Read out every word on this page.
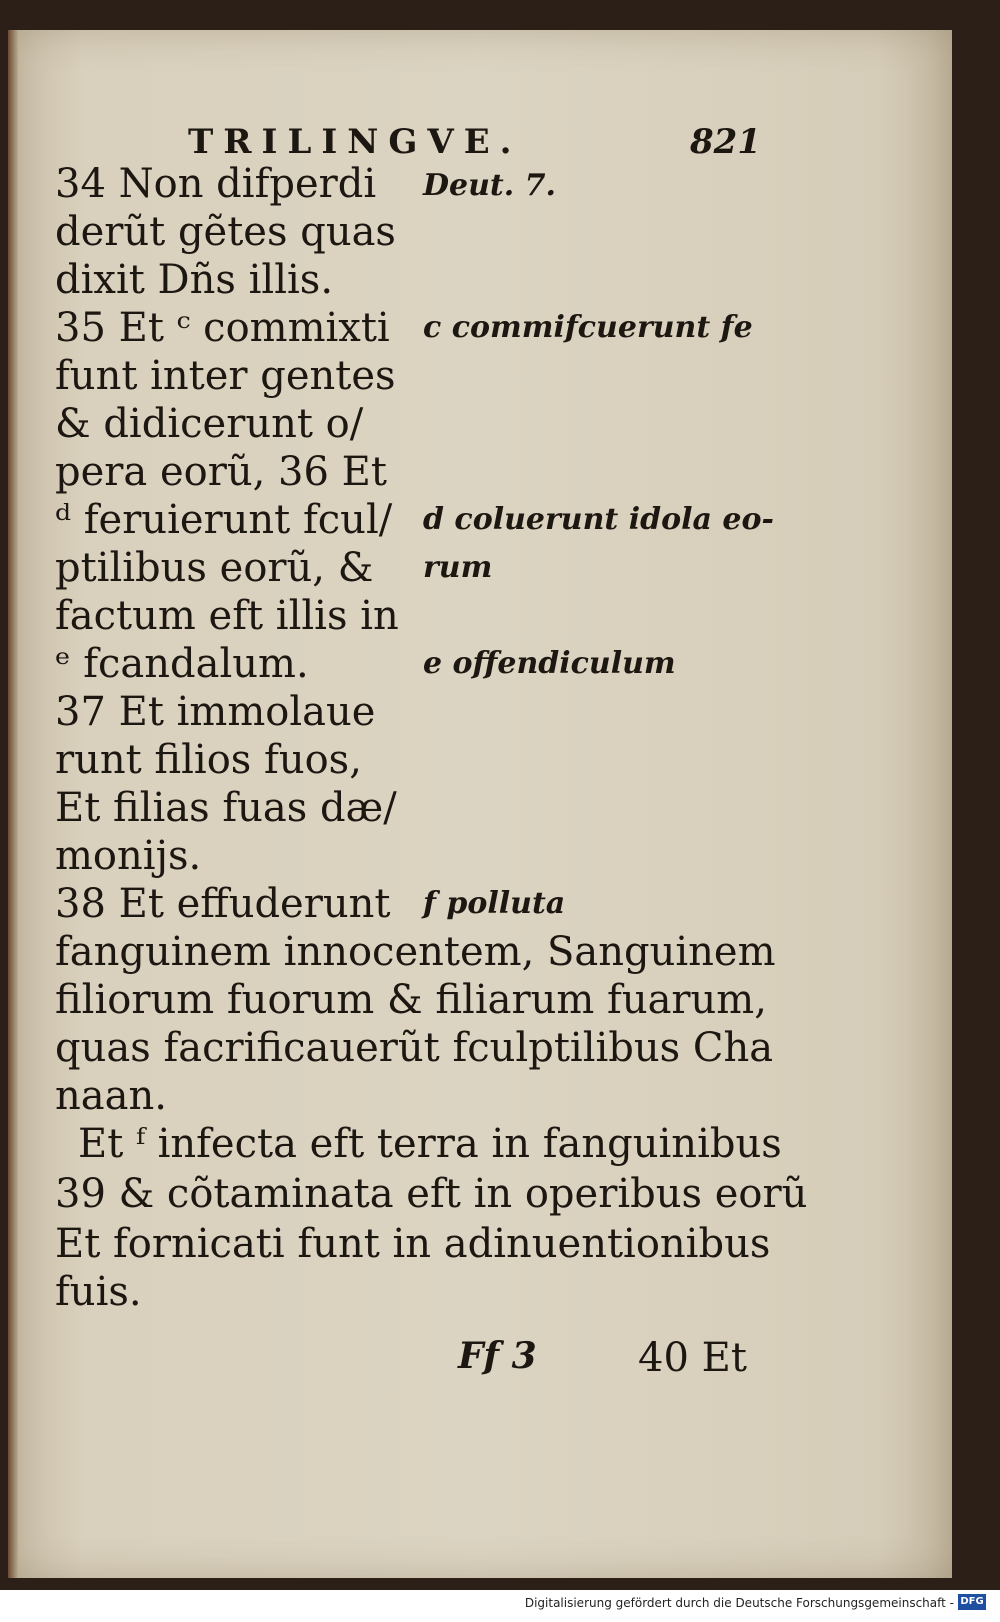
TRILINGVE.	821
34 Non difperdi
derũt gẽtes quas
dixit Dñs illis.
35 Et ᶜ commixti
funt inter gentes
& didicerunt o/
pera eorũ, 36 Et
ᵈ feruierunt fcul/
ptilibus eorũ, &
factum eft illis in
ᵉ fcandalum.
37 Et immolaue
runt filios fuos,
Et filias fuas dæ/
moniјs.
38 Et effuderunt
fanguinem innocentem, Sanguinem
filiorum fuorum & filiarum fuarum,
quas facrificauerũt fculptilibus Cha
naan.
Et ᶠ infecta eft terra in fanguinibus
39 & cõtaminata eft in operibus eorũ
Et fornicati funt in adinuentionibus
fuis.
Deut. 7.
c commifcuerunt fe
d coluerunt idola eo-
rum
e offendiculum
f polluta
Ff 3	40 Et
Digitalisierung gefördert durch die Deutsche Forschungsgemeinschaft - DFG
